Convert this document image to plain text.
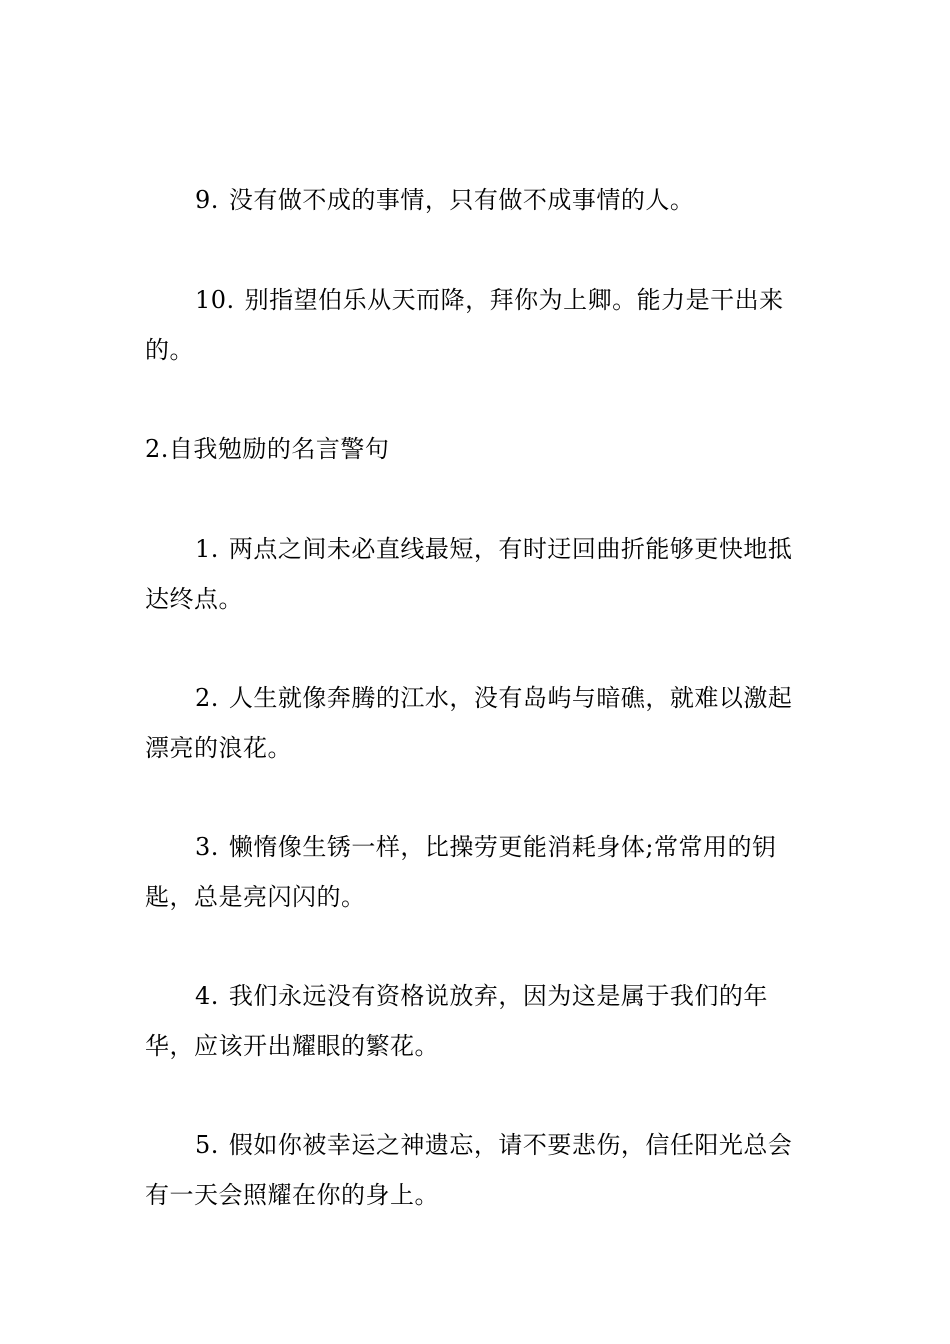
9. 没有做不成的事情，只有做不成事情的人。

10. 别指望伯乐从天而降，拜你为上卿。能力是干出来的。

2.自我勉励的名言警句

1. 两点之间未必直线最短，有时迂回曲折能够更快地抵达终点。

2. 人生就像奔腾的江水，没有岛屿与暗礁，就难以激起漂亮的浪花。

3. 懒惰像生锈一样，比操劳更能消耗身体;常常用的钥匙，总是亮闪闪的。

4. 我们永远没有资格说放弃，因为这是属于我们的年华，应该开出耀眼的繁花。

5. 假如你被幸运之神遗忘，请不要悲伤，信任阳光总会有一天会照耀在你的身上。
